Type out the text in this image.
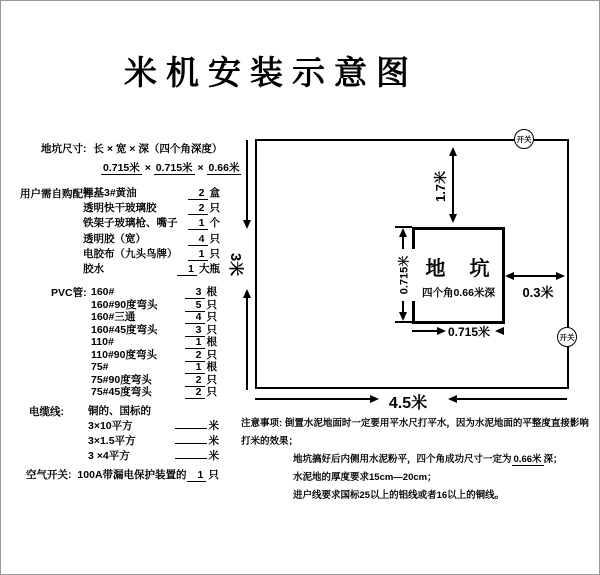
米机安装示意图
地坑尺寸: 长 × 宽 × 深（四个角深度）
0.715米 × 0.715米 × 0.66米
用户需自购配件:
锂基3#黄油	2 盒
透明快干玻璃胶	2 只
铁架子玻璃枪、嘴子	1 个
透明胶（宽）	4 只
电胶布（九头鸟牌）	1 只
胶水	1 大瓶
PVC管: 160#	3 根
160#90度弯头	5 只
160#三通	4 只
160#45度弯头	3 只
110#	1 根
110#90度弯头	2 只
75#	1 根
75#90度弯头	2 只
75#45度弯头	2 只
电缆线: 铜的、国标的
3×10平方	米
3×1.5平方	米
3 ×4平方	米
空气开关: 100A带漏电保护装置的 1 只
3米
4.5米
地　坑
四个角0.66米深
1.7米
0.715米
0.715米
0.3米
开关
开关
注意事项: 倒置水泥地面时一定要用平水尺打平水，因为水泥地面的平整度直接影响打米的效果；
地坑搞好后内侧用水泥粉平，四个角成功尺寸一定为 0.66米 深；
水泥地的厚度要求15cm—20cm；
进户线要求国标25以上的铝线或者16以上的铜线。
